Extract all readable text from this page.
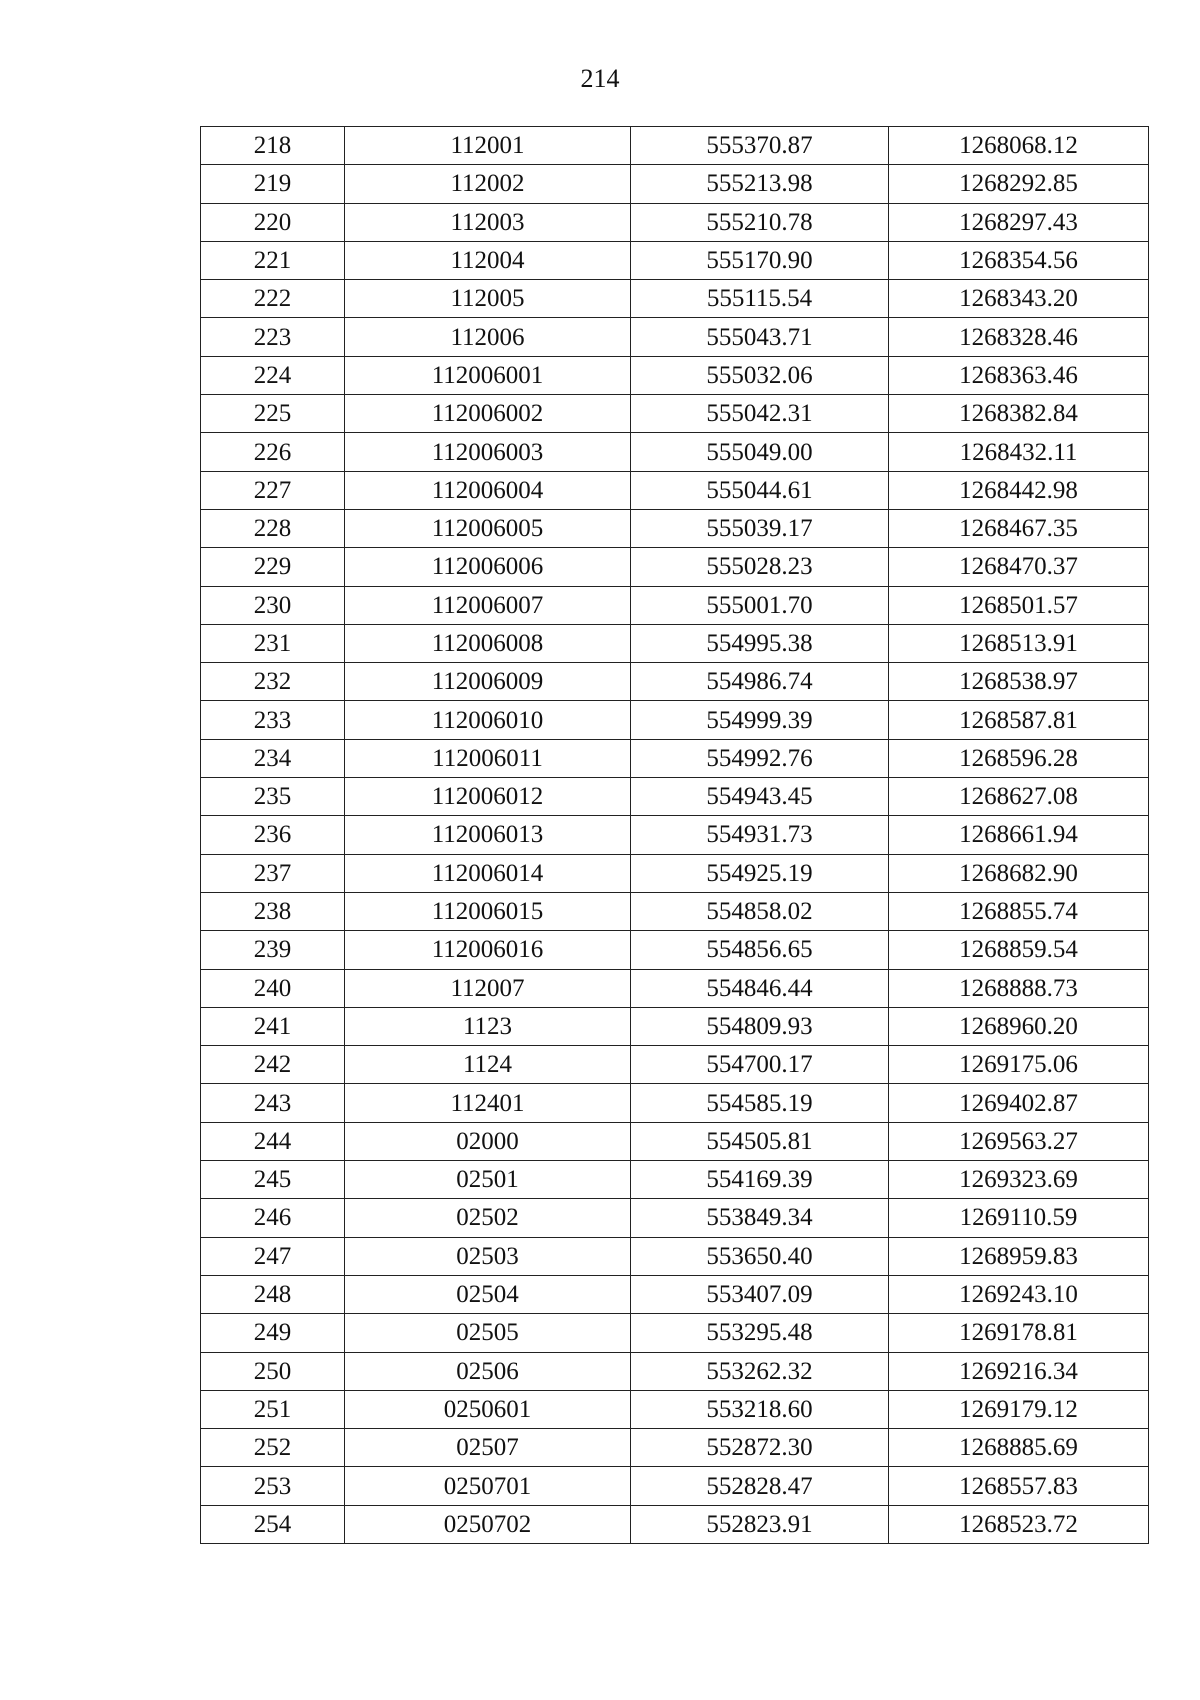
214
218	112001	555370.87	1268068.12
219	112002	555213.98	1268292.85
220	112003	555210.78	1268297.43
221	112004	555170.90	1268354.56
222	112005	555115.54	1268343.20
223	112006	555043.71	1268328.46
224	112006001	555032.06	1268363.46
225	112006002	555042.31	1268382.84
226	112006003	555049.00	1268432.11
227	112006004	555044.61	1268442.98
228	112006005	555039.17	1268467.35
229	112006006	555028.23	1268470.37
230	112006007	555001.70	1268501.57
231	112006008	554995.38	1268513.91
232	112006009	554986.74	1268538.97
233	112006010	554999.39	1268587.81
234	112006011	554992.76	1268596.28
235	112006012	554943.45	1268627.08
236	112006013	554931.73	1268661.94
237	112006014	554925.19	1268682.90
238	112006015	554858.02	1268855.74
239	112006016	554856.65	1268859.54
240	112007	554846.44	1268888.73
241	1123	554809.93	1268960.20
242	1124	554700.17	1269175.06
243	112401	554585.19	1269402.87
244	02000	554505.81	1269563.27
245	02501	554169.39	1269323.69
246	02502	553849.34	1269110.59
247	02503	553650.40	1268959.83
248	02504	553407.09	1269243.10
249	02505	553295.48	1269178.81
250	02506	553262.32	1269216.34
251	0250601	553218.60	1269179.12
252	02507	552872.30	1268885.69
253	0250701	552828.47	1268557.83
254	0250702	552823.91	1268523.72
